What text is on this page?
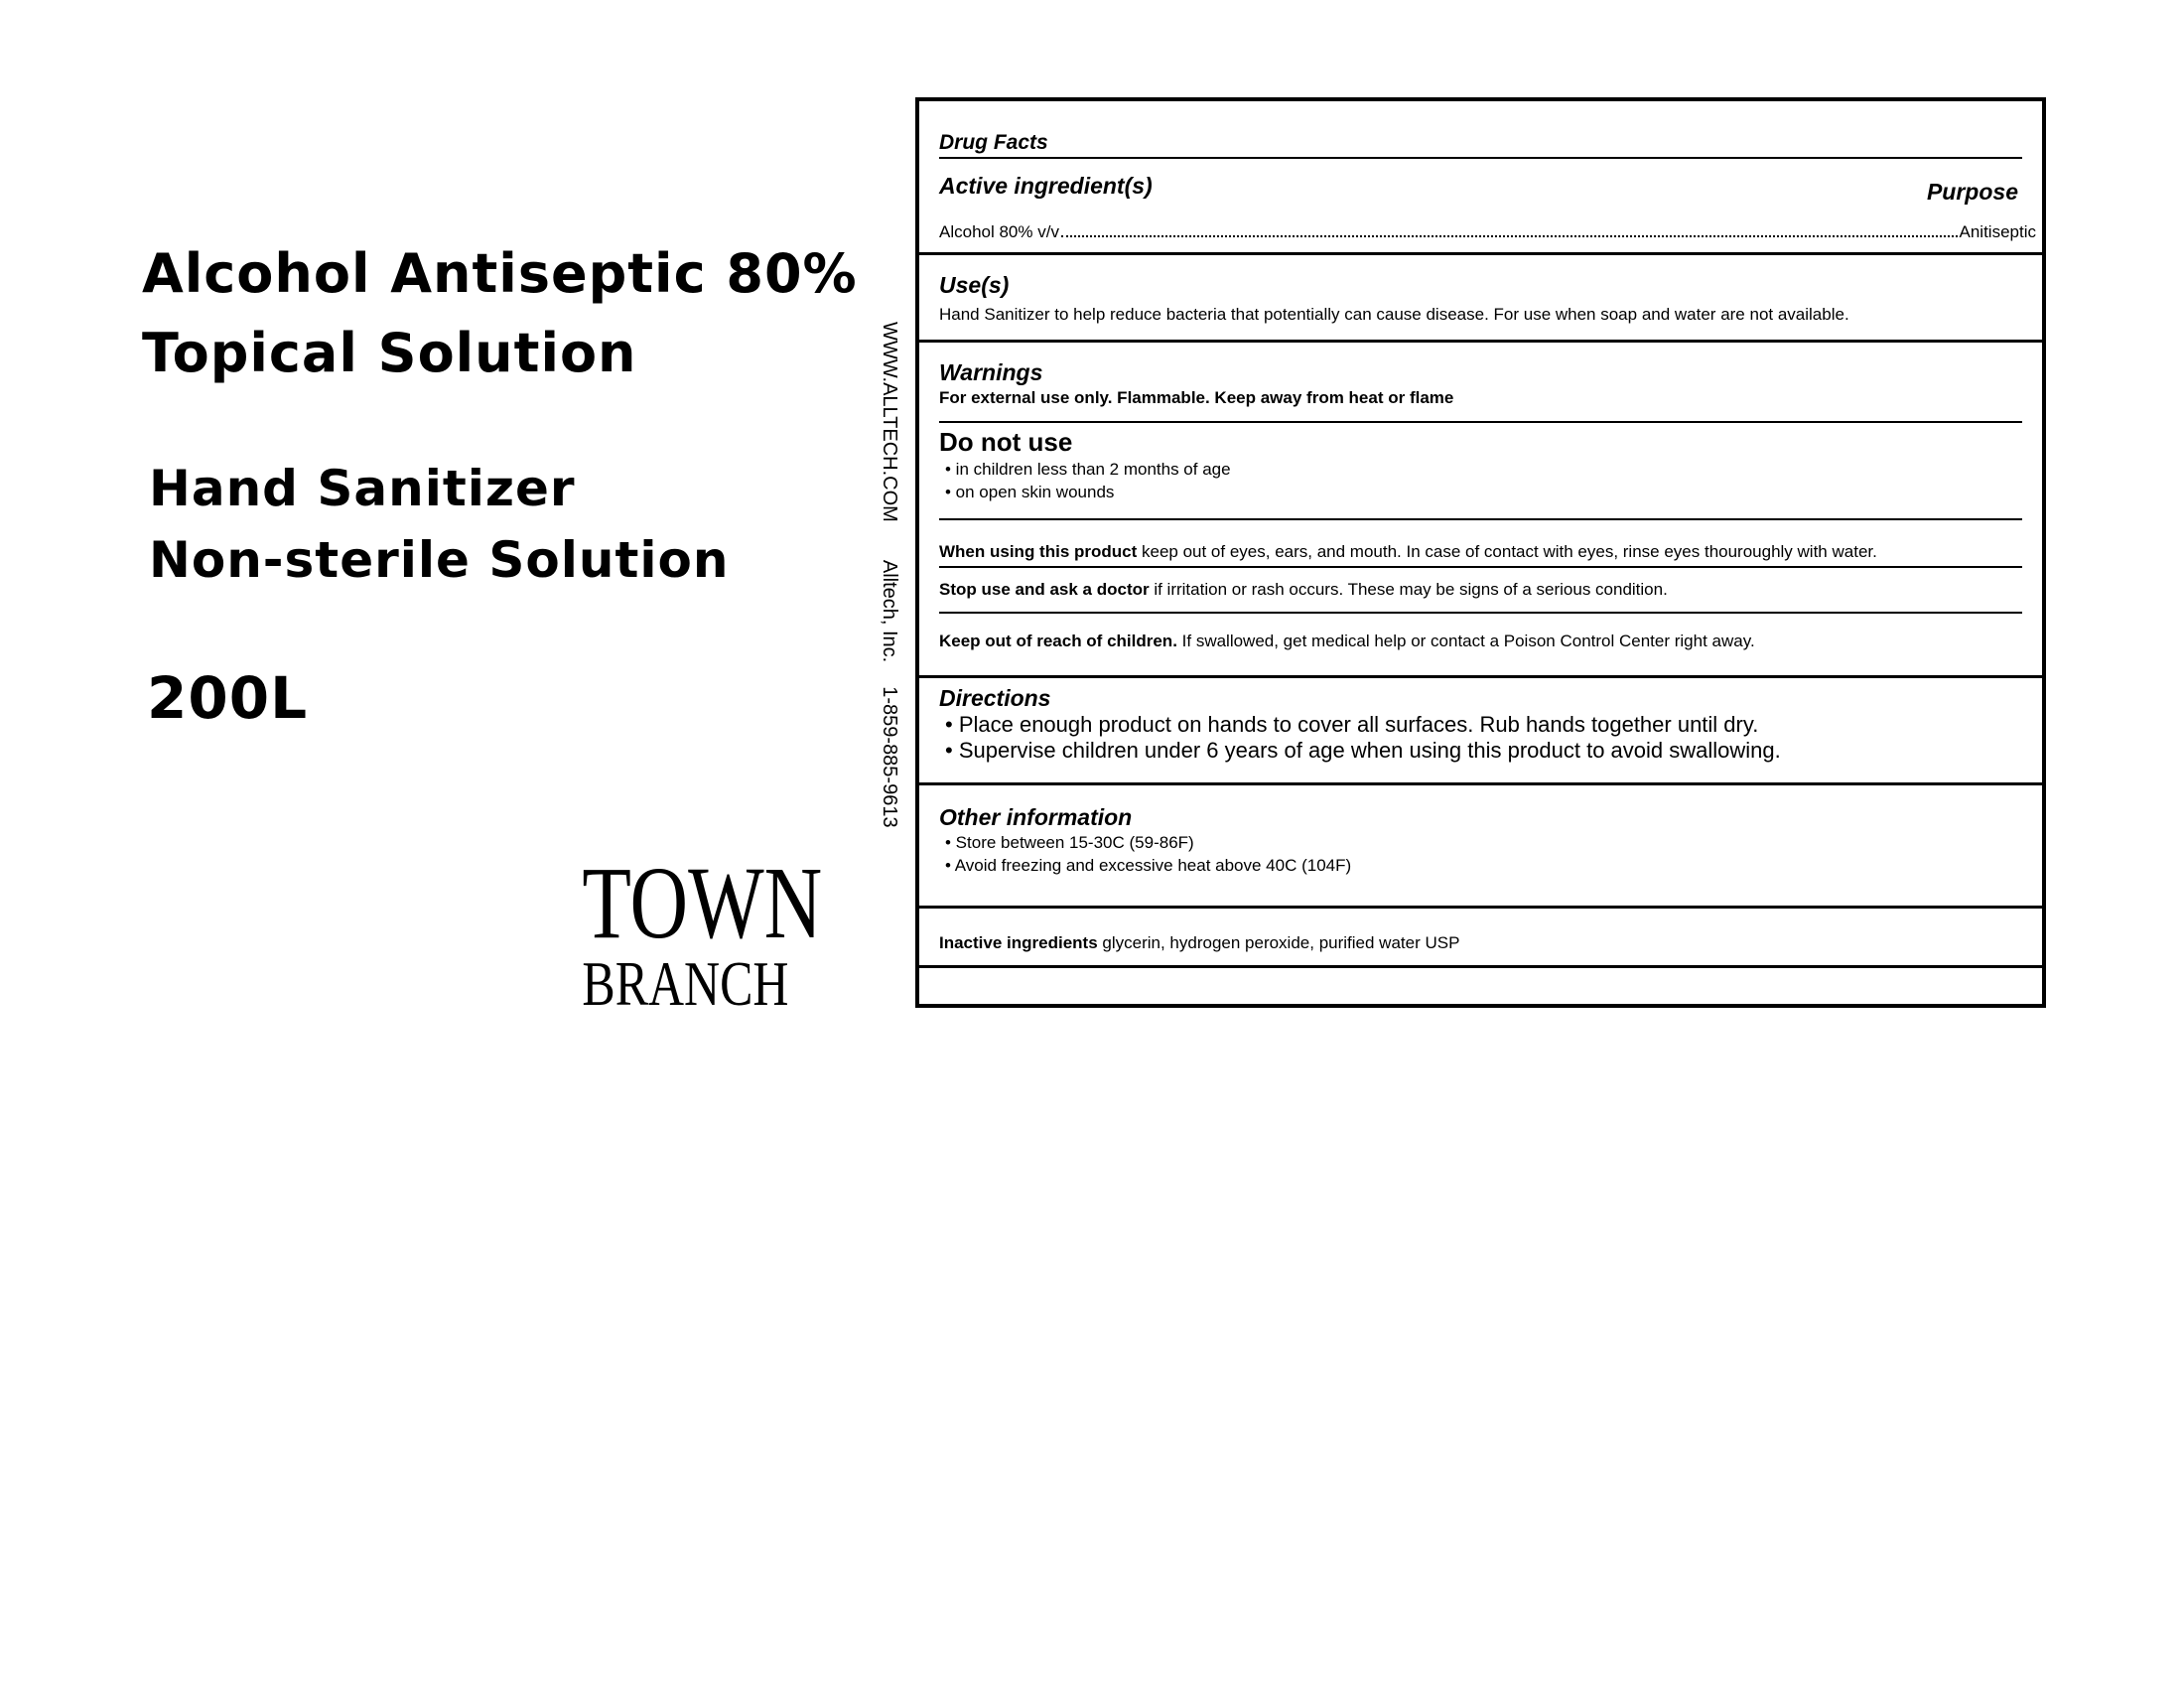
Alcohol Antiseptic 80%
Topical Solution
Hand Sanitizer
Non-sterile Solution
200L
TOWN
BRANCH
WWW.ALLTECH.COMAlltech, Inc.1-859-885-9613
Drug Facts
Active ingredient(s)	Purpose
Alcohol 80% v/v	Anitiseptic
Use(s)
Hand Sanitizer to help reduce bacteria that potentially can cause disease. For use when soap and water are not available.
Warnings
For external use only. Flammable. Keep away from heat or flame
Do not use
• in children less than 2 months of age
• on open skin wounds
When using this product keep out of eyes, ears, and mouth. In case of contact with eyes, rinse eyes thouroughly with water.
Stop use and ask a doctor if irritation or rash occurs. These may be signs of a serious condition.
Keep out of reach of children. If swallowed, get medical help or contact a Poison Control Center right away.
Directions
• Place enough product on hands to cover all surfaces. Rub hands together until dry.
• Supervise children under 6 years of age when using this product to avoid swallowing.
Other information
• Store between 15-30C (59-86F)
• Avoid freezing and excessive heat above 40C (104F)
Inactive ingredients glycerin, hydrogen peroxide, purified water USP
